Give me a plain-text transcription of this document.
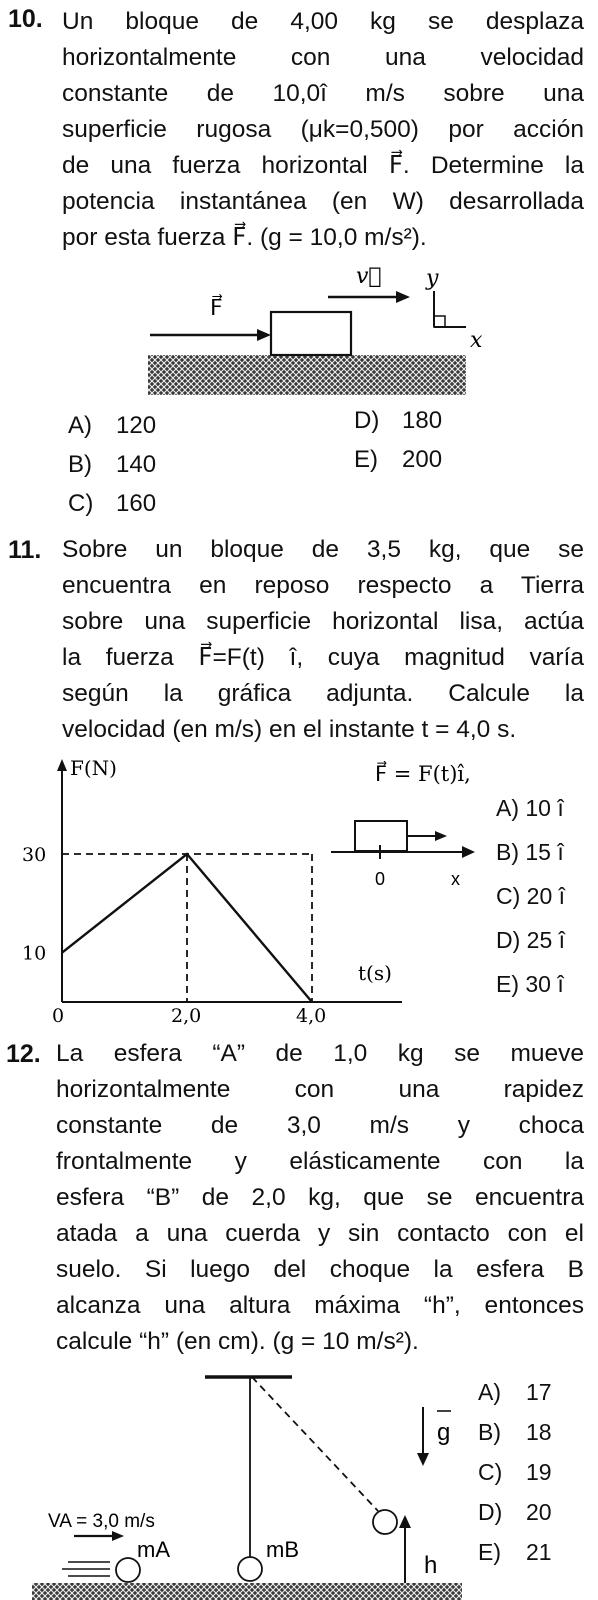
10. Un bloque de 4,00 kg se desplaza
horizontalmente con una velocidad
constante de 10,0î m/s sobre una
superficie rugosa (μk=0,500) por acción
de una fuerza horizontal F⃗. Determine la
potencia instantánea (en W) desarrollada
por esta fuerza F⃗. (g = 10,0 m/s²).
F⃗
v⃗ y
x
A) 120
B) 140
C) 160
D) 180
E) 200
11. Sobre un bloque de 3,5 kg, que se
encuentra en reposo respecto a Tierra
sobre una superficie horizontal lisa, actúa
la fuerza F⃗=F(t) î, cuya magnitud varía
según la gráfica adjunta. Calcule la
velocidad (en m/s) en el instante t = 4,0 s.
F(N)
t(s)
10
30
0	2,0	4,0
F⃗ = F(t)î,
0	x
A) 10 î
B) 15 î
C) 20 î
D) 25 î
E) 30 î
12. La esfera “A” de 1,0 kg se mueve
horizontalmente con una rapidez
constante de 3,0 m/s y choca
frontalmente y elásticamente con la
esfera “B” de 2,0 kg, que se encuentra
atada a una cuerda y sin contacto con el
suelo. Si luego del choque la esfera B
alcanza una altura máxima “h”, entonces
calcule “h” (en cm). (g = 10 m/s²).
VA = 3,0 m/s
mA	mB
g
h
A) 17
B) 18
C) 19
D) 20
E) 21
